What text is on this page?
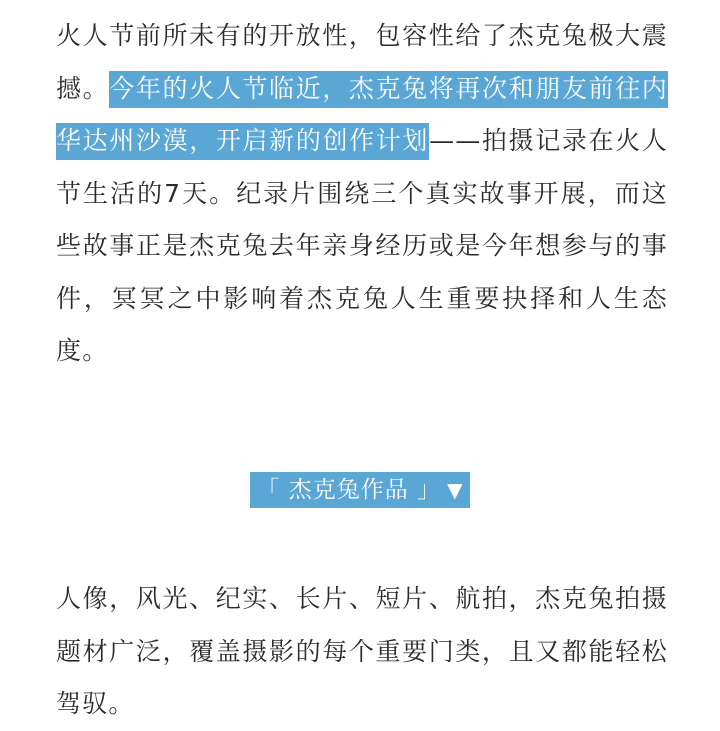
火人节前所未有的开放性，包容性给了杰克兔极大震撼。今年的火人节临近，杰克兔将再次和朋友前往内华达州沙漠，开启新的创作计划——拍摄记录在火人节生活的7天。纪录片围绕三个真实故事开展，而这些故事正是杰克兔去年亲身经历或是今年想参与的事件，冥冥之中影响着杰克兔人生重要抉择和人生态度。

「 杰克兔作品 」 ▼

人像，风光、纪实、长片、短片、航拍，杰克兔拍摄题材广泛，覆盖摄影的每个重要门类，且又都能轻松驾驭。
